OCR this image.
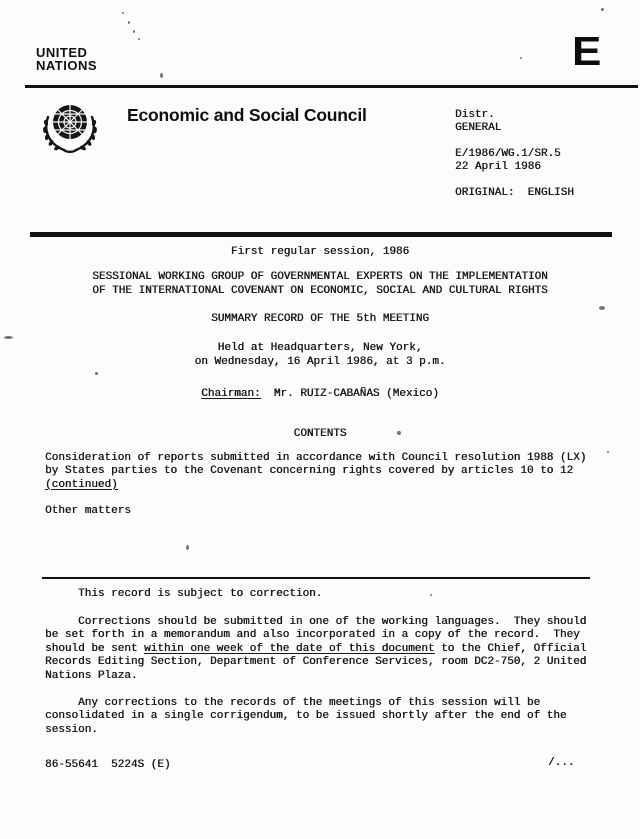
UNITED
NATIONS	E
Economic and Social Council	Distr.
GENERAL
E/1986/WG.1/SR.5
22 April 1986
ORIGINAL:  ENGLISH
First regular session, 1986
SESSIONAL WORKING GROUP OF GOVERNMENTAL EXPERTS ON THE IMPLEMENTATION
OF THE INTERNATIONAL COVENANT ON ECONOMIC, SOCIAL AND CULTURAL RIGHTS
SUMMARY RECORD OF THE 5th MEETING
Held at Headquarters, New York,
on Wednesday, 16 April 1986, at 3 p.m.
Chairman:  Mr. RUIZ-CABAÑAS (Mexico)
CONTENTS
Consideration of reports submitted in accordance with Council resolution 1988 (LX)
by States parties to the Covenant concerning rights covered by articles 10 to 12
(continued)
Other matters
This record is subject to correction.
Corrections should be submitted in one of the working languages.  They should
be set forth in a memorandum and also incorporated in a copy of the record.  They
should be sent within one week of the date of this document to the Chief, Official
Records Editing Section, Department of Conference Services, room DC2-750, 2 United
Nations Plaza.
Any corrections to the records of the meetings of this session will be
consolidated in a single corrigendum, to be issued shortly after the end of the
session.
86-55641  5224S (E)	/...
